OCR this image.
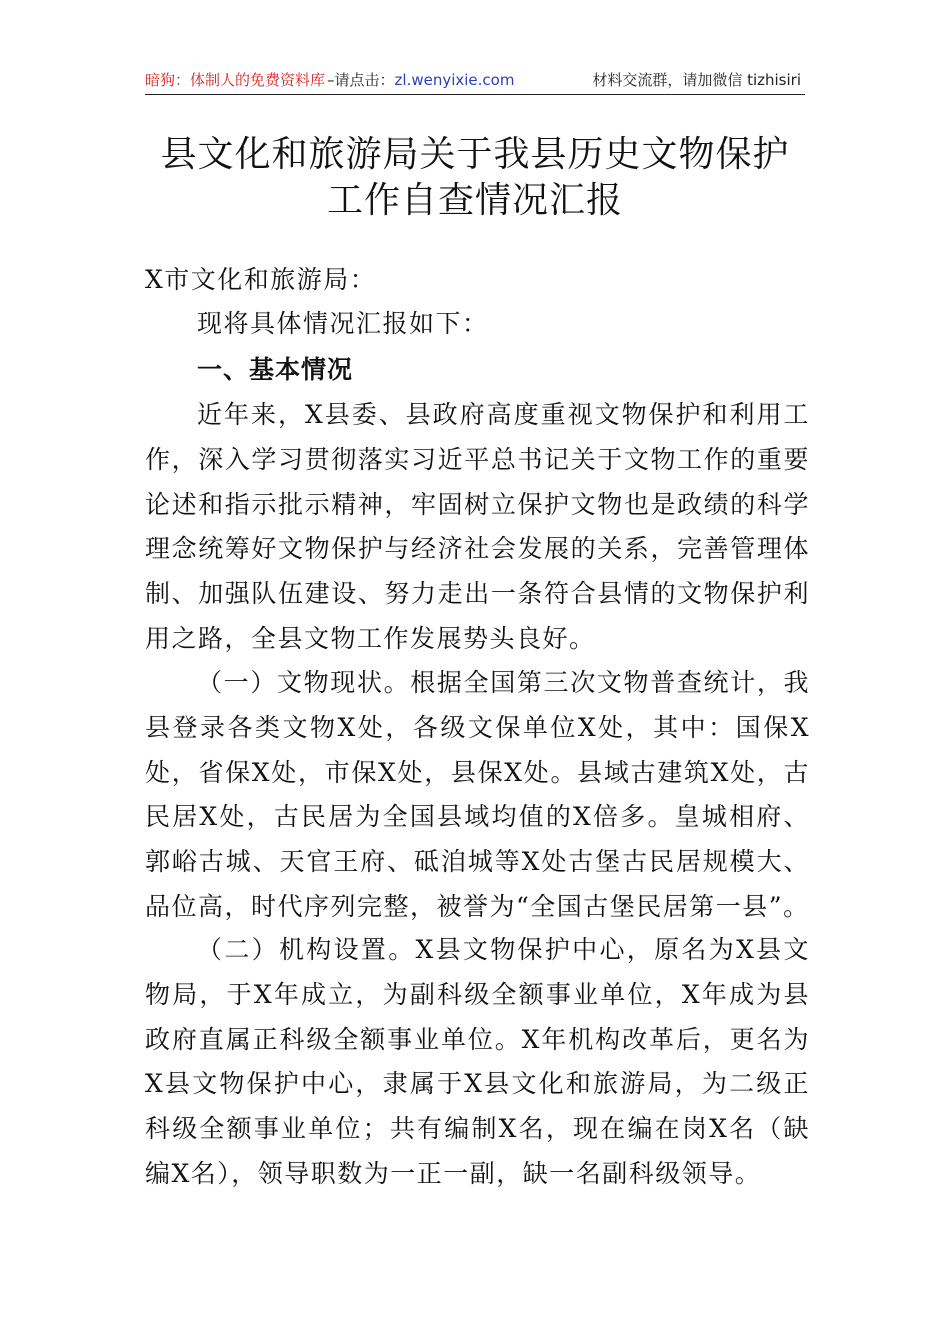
暗狗：体制人的免费资料库 –请点击：zl.wenyixie.com	材料交流群，请加微信 tizhisiri
县文化和旅游局关于我县历史文物保护
工作自查情况汇报
X市文化和旅游局：
现将具体情况汇报如下：
一、基本情况
近年来，X县委、县政府高度重视文物保护和利用工作，深入学习贯彻落实习近平总书记关于文物工作的重要论述和指示批示精神，牢固树立保护文物也是政绩的科学理念统筹好文物保护与经济社会发展的关系，完善管理体制、加强队伍建设、努力走出一条符合县情的文物保护利用之路，全县文物工作发展势头良好。
（一）文物现状。根据全国第三次文物普查统计，我县登录各类文物X处，各级文保单位X处，其中：国保X处，省保X处，市保X处，县保X处。县域古建筑X处，古民居X处，古民居为全国县域均值的X倍多。皇城相府、郭峪古城、天官王府、砥洎城等X处古堡古民居规模大、品位高，时代序列完整，被誉为“全国古堡民居第一县”。
（二）机构设置。X县文物保护中心，原名为X县文物局，于X年成立，为副科级全额事业单位，X年成为县政府直属正科级全额事业单位。X年机构改革后，更名为X县文物保护中心，隶属于X县文化和旅游局，为二级正科级全额事业单位；共有编制X名，现在编在岗X名（缺编X名），领导职数为一正一副，缺一名副科级领导。
